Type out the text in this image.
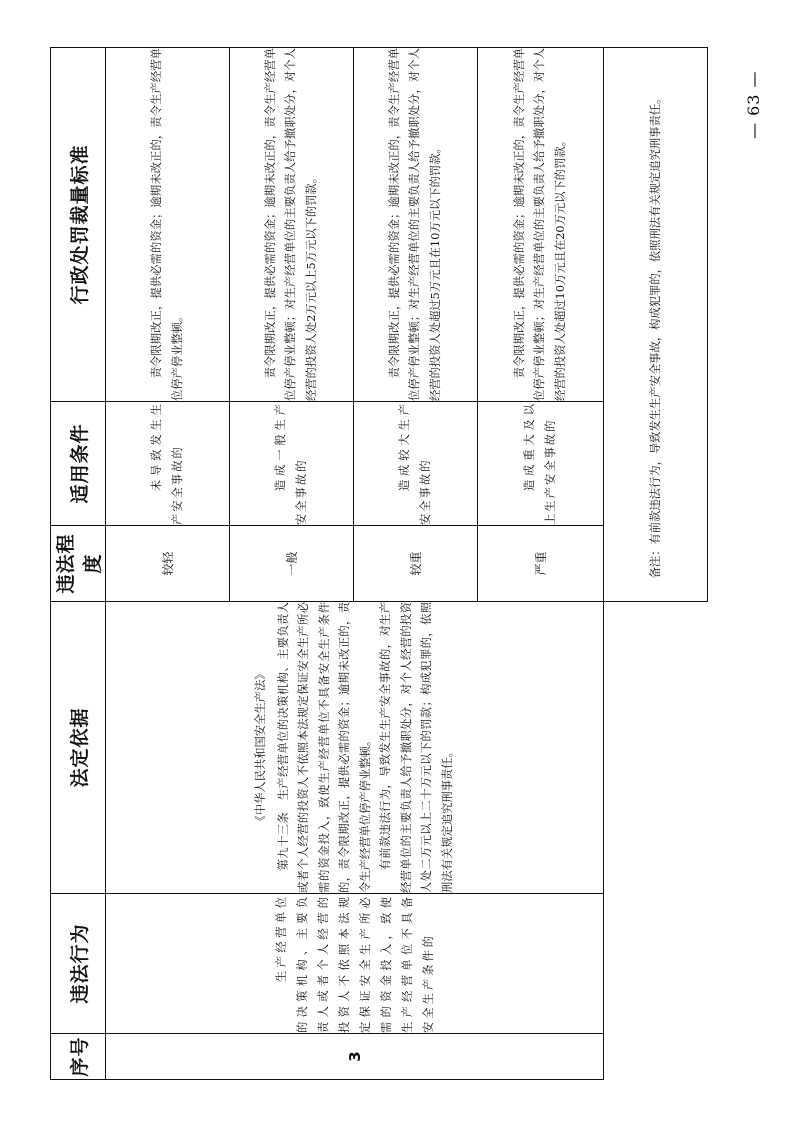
— 63 —
序号	违法行为	法定依据	违法程度	适用条件	行政处罚裁量标准
3	生产经营单位的决策机构、主要负责人或者个人经营的投资人不依照本法规定保证安全生产所必需的资金投入，致使生产经营单位不具备安全生产条件的	《中华人民共和国安全生产法》 第九十三条　生产经营单位的决策机构、主要负责人或者个人经营的投资人不依照本法规定保证安全生产所必需的资金投入，致使生产经营单位不具备安全生产条件的，责令限期改正，提供必需的资金；逾期未改正的，责令生产经营单位停产停业整顿。 有前款违法行为，导致发生生产安全事故的，对生产经营单位的主要负责人给予撤职处分，对个人经营的投资人处二万元以上二十万元以下的罚款；构成犯罪的，依照刑法有关规定追究刑事责任。	较轻	未导致发生生产安全事故的	责令限期改正，提供必需的资金；逾期未改正的，责令生产经营单位停产停业整顿。

			一般	造成一般生产安全事故的	责令限期改正，提供必需的资金；逾期未改正的，责令生产经营单位停产停业整顿；对生产经营单位的主要负责人给予撤职处分，对个人经营的投资人处2万元以上5万元以下的罚款。

			较重	造成较大生产安全事故的	责令限期改正，提供必需的资金；逾期未改正的，责令生产经营单位停产停业整顿；对生产经营单位的主要负责人给予撤职处分，对个人经营的投资人处超过5万元且在10万元以下的罚款。

			严重	造成重大及以上生产安全事故的	责令限期改正，提供必需的资金；逾期未改正的，责令生产经营单位停产停业整顿；对生产经营单位的主要负责人给予撤职处分，对个人经营的投资人处超过10万元且在20万元以下的罚款。

			备注：有前款违法行为，导致发生生产安全事故，构成犯罪的，依照刑法有关规定追究刑事责任。		
